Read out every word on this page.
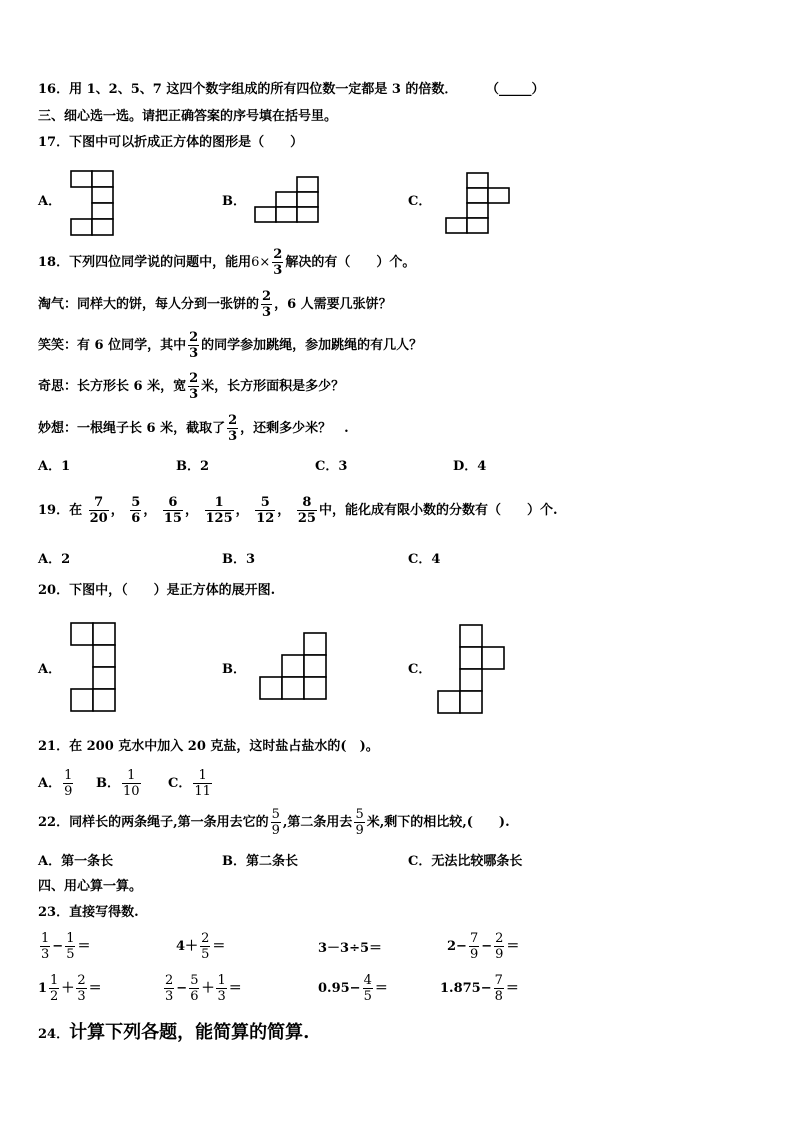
16．用 1、2、5、7 这四个数字组成的所有四位数一定都是 3 的倍数． （_____）
三、细心选一选。请把正确答案的序号填在括号里。
17．下图中可以折成正方体的图形是（　　）
A．	B．	C．
18．下列四位同学说的问题中，能用$6\times \frac{2}{3}$ 解决的有（　　）个。
淘气：同样大的饼，每人分到一张饼的 $\frac{2}{3}$ ，6 人需要几张饼？
笑笑：有 6 位同学，其中 $\frac{2}{3}$ 的同学参加跳绳，参加跳绳的有几人？
奇思：长方形长 6 米，宽 $\frac{2}{3}$ 米，长方形面积是多少？
妙想：一根绳子长 6 米，截取了 $\frac{2}{3}$ ，还剩多少米？　.
A．1	B．2	C．3	D．4
19．在 $\frac{7}{20}$ ， $\frac{5}{6}$ ， $\frac{6}{15}$ ， $\frac{1}{125}$ ， $\frac{5}{12}$ ， $\frac{8}{25}$ 中，能化成有限小数的分数有（　　）个.
A．2	B．3	C．4
20．下图中，（　　）是正方体的展开图.
A．	B．	C．
21．在 200 克水中加入 20 克盐，这时盐占盐水的(　)。
A． $\frac{1}{9}$ B． $\frac{1}{10}$ C． $\frac{1}{11}$
22．同样长的两条绳子,第一条用去它的 $\frac{5}{9}$ ,第二条用去 $\frac{5}{9}$ 米,剩下的相比较,(　　).
A．第一条长	B．第二条长	C．无法比较哪条长
四、用心算一算。
23．直接写得数.
$\frac{1}{3} - \frac{1}{5}$ ＝	$4+ \frac{2}{5}$ ＝	3－3÷5＝	$2- \frac{7}{9} - \frac{2}{9}$ ＝
$1 \frac{1}{2} + \frac{2}{3}$ ＝	$\frac{2}{3} - \frac{5}{6} + \frac{1}{3}$ ＝	$0.95- \frac{4}{5}$ ＝	$1.875- \frac{7}{8}$ ＝
24．计算下列各题，能简算的简算.
